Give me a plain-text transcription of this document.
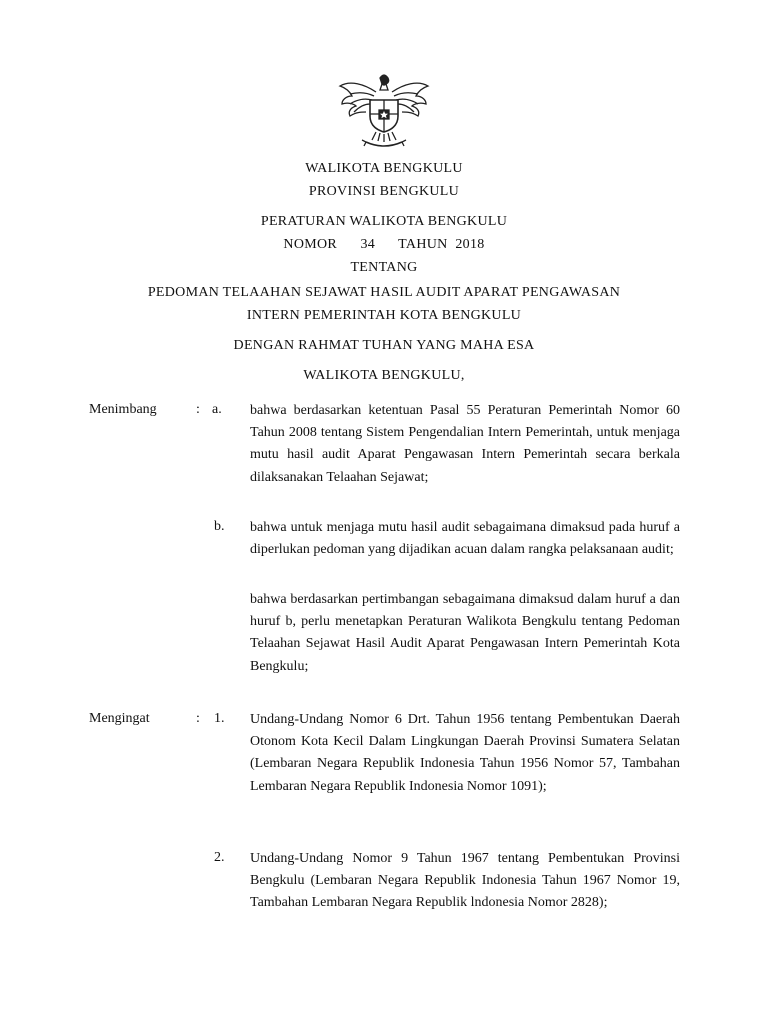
WALIKOTA BENGKULU
PROVINSI BENGKULU
PERATURAN WALIKOTA BENGKULU
NOMOR   34   TAHUN 2018
TENTANG
PEDOMAN TELAAHAN SEJAWAT HASIL AUDIT APARAT PENGAWASAN
INTERN PEMERINTAH KOTA BENGKULU
DENGAN RAHMAT TUHAN YANG MAHA ESA
WALIKOTA BENGKULU,
Menimbang	: a. bahwa berdasarkan ketentuan Pasal 55 Peraturan Pemerintah Nomor 60 Tahun 2008 tentang Sistem Pengendalian Intern Pemerintah, untuk menjaga mutu hasil audit Aparat Pengawasan Intern Pemerintah secara berkala dilaksanakan Telaahan Sejawat;
b. bahwa untuk menjaga mutu hasil audit sebagaimana dimaksud pada huruf a diperlukan pedoman yang dijadikan acuan dalam rangka pelaksanaan audit;
bahwa berdasarkan pertimbangan sebagaimana dimaksud dalam huruf a dan huruf b, perlu menetapkan Peraturan Walikota Bengkulu tentang Pedoman Telaahan Sejawat Hasil Audit Aparat Pengawasan Intern Pemerintah Kota Bengkulu;
Mengingat	: 1. Undang-Undang Nomor 6 Drt. Tahun 1956 tentang Pembentukan Daerah Otonom Kota Kecil Dalam Lingkungan Daerah Provinsi Sumatera Selatan (Lembaran Negara Republik Indonesia Tahun 1956 Nomor 57, Tambahan Lembaran Negara Republik Indonesia Nomor 1091);
2. Undang-Undang Nomor 9 Tahun 1967 tentang Pembentukan Provinsi Bengkulu (Lembaran Negara Republik Indonesia Tahun 1967 Nomor 19, Tambahan Lembaran Negara Republik lndonesia Nomor 2828);
